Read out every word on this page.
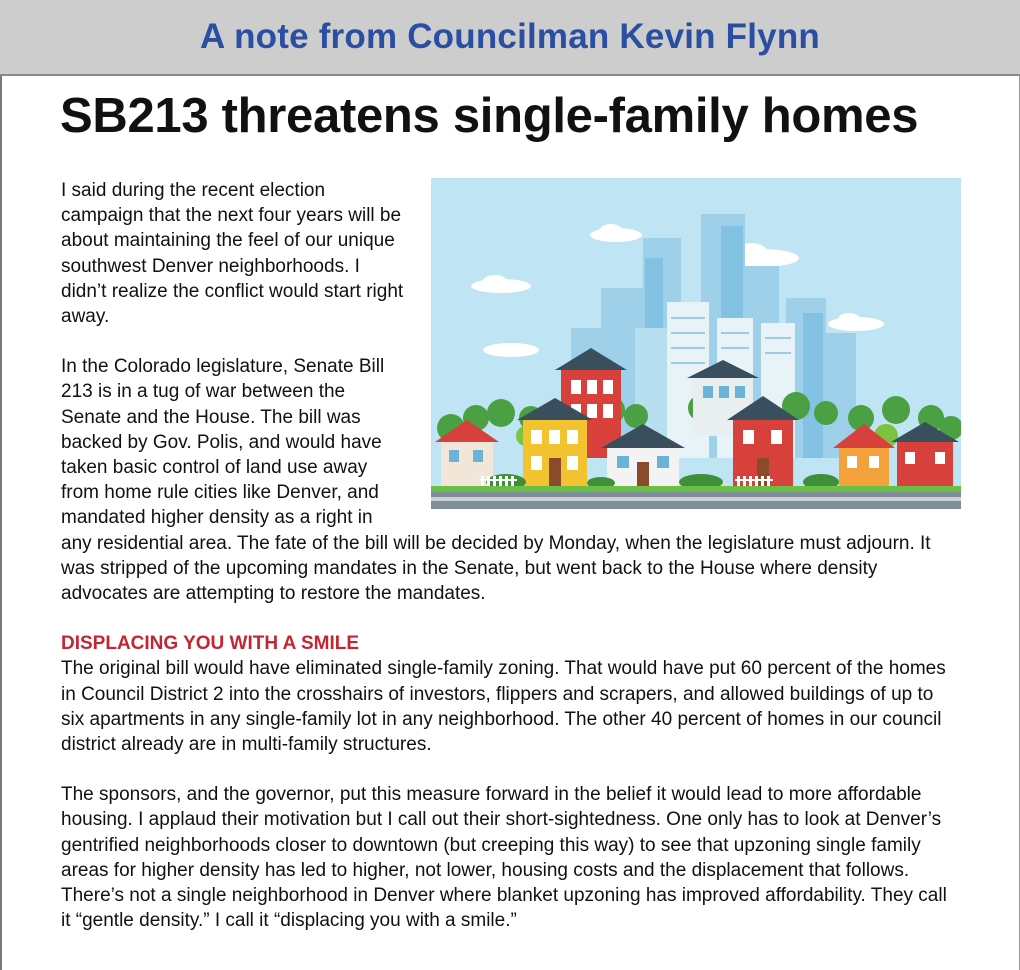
A note from Councilman Kevin Flynn
SB213 threatens single-family homes

I said during the recent election campaign that the next four years will be about maintaining the feel of our unique southwest Denver neighborhoods. I didn’t realize the conflict would start right away.

In the Colorado legislature, Senate Bill 213 is in a tug of war between the Senate and the House. The bill was backed by Gov. Polis, and would have taken basic control of land use away from home rule cities like Denver, and mandated higher density as a right in any residential area. The fate of the bill will be decided by Monday, when the legislature must adjourn. It was stripped of the upcoming mandates in the Senate, but went back to the House where density advocates are attempting to restore the mandates.

DISPLACING YOU WITH A SMILE
The original bill would have eliminated single-family zoning. That would have put 60 percent of the homes in Council District 2 into the crosshairs of investors, flippers and scrapers, and allowed buildings of up to six apartments in any single-family lot in any neighborhood. The other 40 percent of homes in our council district already are in multi-family structures.

The sponsors, and the governor, put this measure forward in the belief it would lead to more affordable housing. I applaud their motivation but I call out their short-sightedness. One only has to look at Denver’s gentrified neighborhoods closer to downtown (but creeping this way) to see that upzoning single family areas for higher density has led to higher, not lower, housing costs and the displacement that follows. There’s not a single neighborhood in Denver where blanket upzoning has improved affordability. They call it “gentle density.” I call it “displacing you with a smile.”
